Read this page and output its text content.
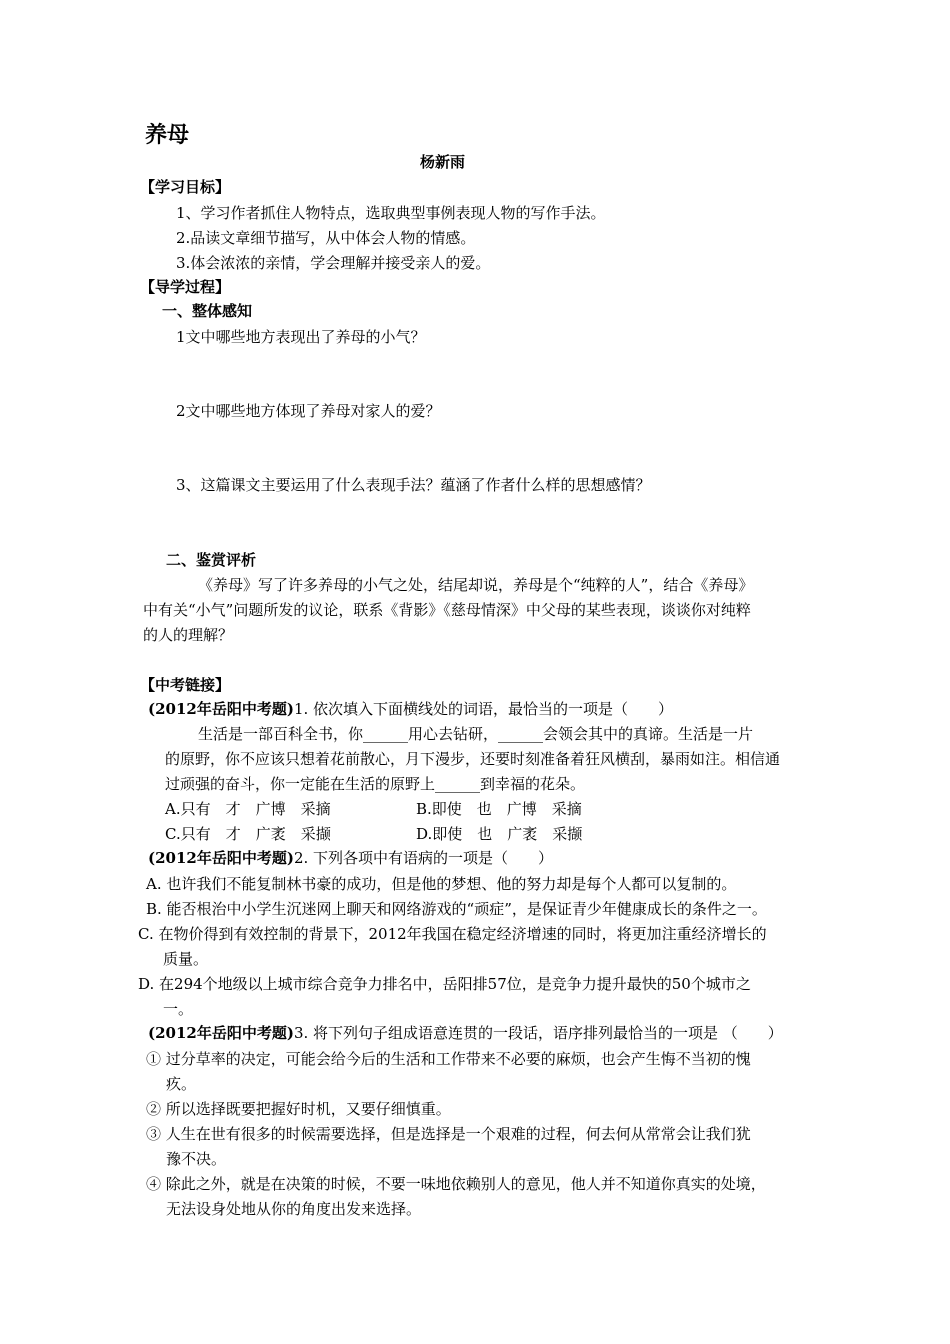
养母
杨新雨
【学习目标】
1、学习作者抓住人物特点，选取典型事例表现人物的写作手法。
2.品读文章细节描写，从中体会人物的情感。
3.体会浓浓的亲情，学会理解并接受亲人的爱。
【导学过程】
一、整体感知
1文中哪些地方表现出了养母的小气？
2文中哪些地方体现了养母对家人的爱？
3、这篇课文主要运用了什么表现手法？蕴涵了作者什么样的思想感情？
二、鉴赏评析
《养母》写了许多养母的小气之处，结尾却说，养母是个“纯粹的人”，结合《养母》
中有关“小气”问题所发的议论，联系《背影》《慈母情深》中父母的某些表现，谈谈你对纯粹
的人的理解？
【中考链接】
(2012年岳阳中考题)1. 依次填入下面横线处的词语，最恰当的一项是（　　）
生活是一部百科全书，你______用心去钻研，______会领会其中的真谛。生活是一片
的原野，你不应该只想着花前散心，月下漫步，还要时刻准备着狂风横刮，暴雨如注。相信通
过顽强的奋斗，你一定能在生活的原野上______到幸福的花朵。
A.只有　才　广博　采摘	B.即使　也　广博　采摘
C.只有　才　广袤　采撷	D.即使　也　广袤　采撷
(2012年岳阳中考题)2. 下列各项中有语病的一项是（　　）
A. 也许我们不能复制林书豪的成功，但是他的梦想、他的努力却是每个人都可以复制的。
B. 能否根治中小学生沉迷网上聊天和网络游戏的“顽症”，是保证青少年健康成长的条件之一。
C. 在物价得到有效控制的背景下，2012年我国在稳定经济增速的同时，将更加注重经济增长的
质量。
D. 在294个地级以上城市综合竞争力排名中，岳阳排57位，是竞争力提升最快的50个城市之
一。
(2012年岳阳中考题)3. 将下列句子组成语意连贯的一段话，语序排列最恰当的一项是 （　　）
① 过分草率的决定，可能会给今后的生活和工作带来不必要的麻烦，也会产生悔不当初的愧
疚。
② 所以选择既要把握好时机，又要仔细慎重。
③ 人生在世有很多的时候需要选择，但是选择是一个艰难的过程，何去何从常常会让我们犹
豫不决。
④ 除此之外，就是在决策的时候，不要一味地依赖别人的意见，他人并不知道你真实的处境，
无法设身处地从你的角度出发来选择。
